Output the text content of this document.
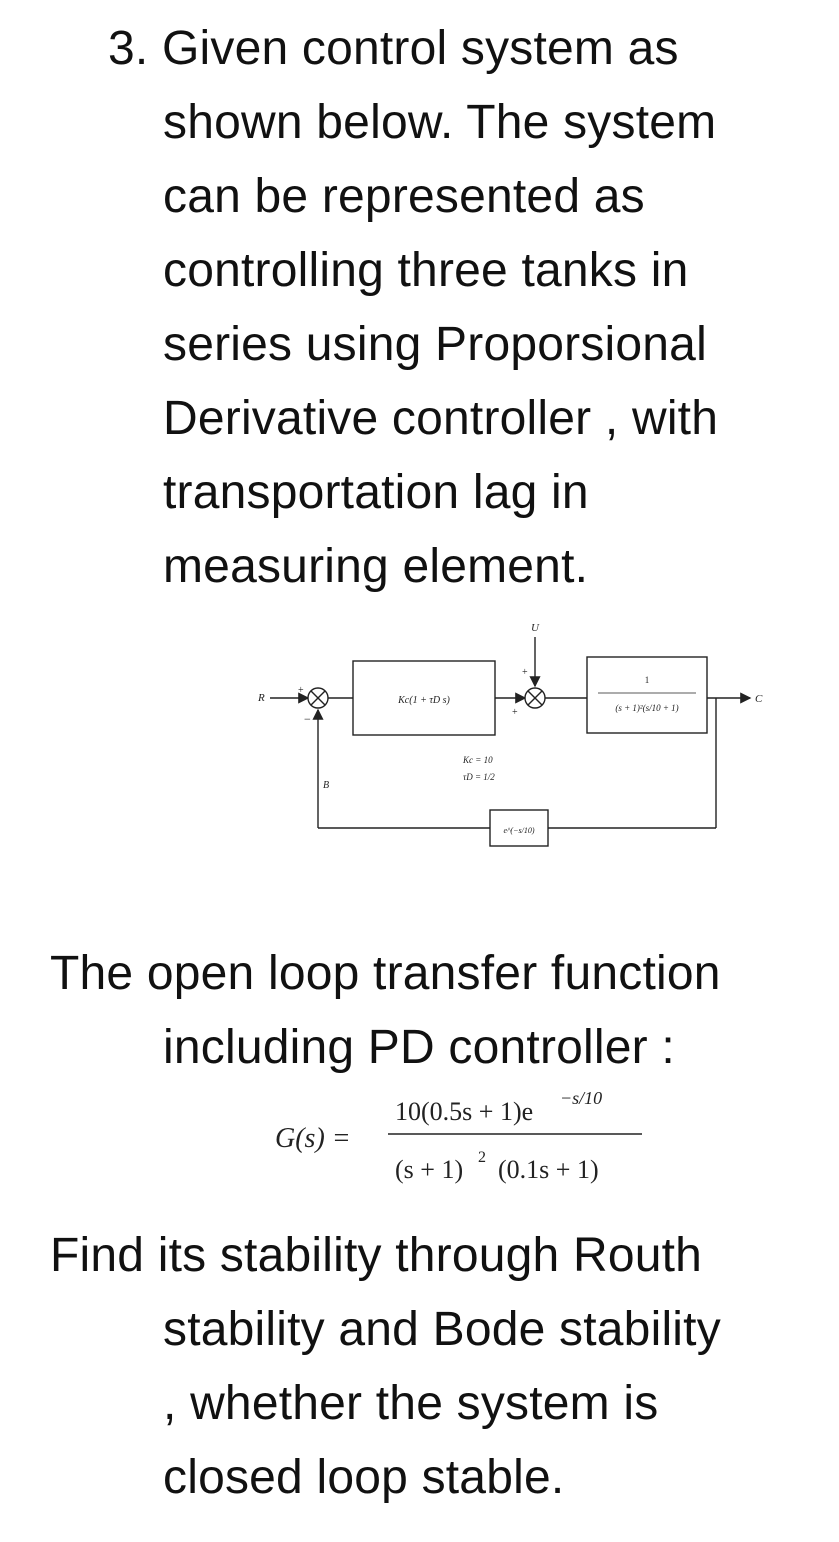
3. Given control system as
shown below. The system
can be represented as
controlling three tanks in
series using Proporsional
Derivative controller , with
transportation lag in
measuring element.
R	C
U
B
+
−
+
+
Kc(1 + τD s)
1
(s + 1)²(s/10 + 1)
Kc = 10
τD = 1/2
e^(−s/10)
The open loop transfer function
including PD controller :
G(s) =
10(0.5s + 1)e −s/10
(s + 1) 2 (0.1s + 1)
Find its stability through Routh
stability and Bode stability
, whether the system is
closed loop stable.
